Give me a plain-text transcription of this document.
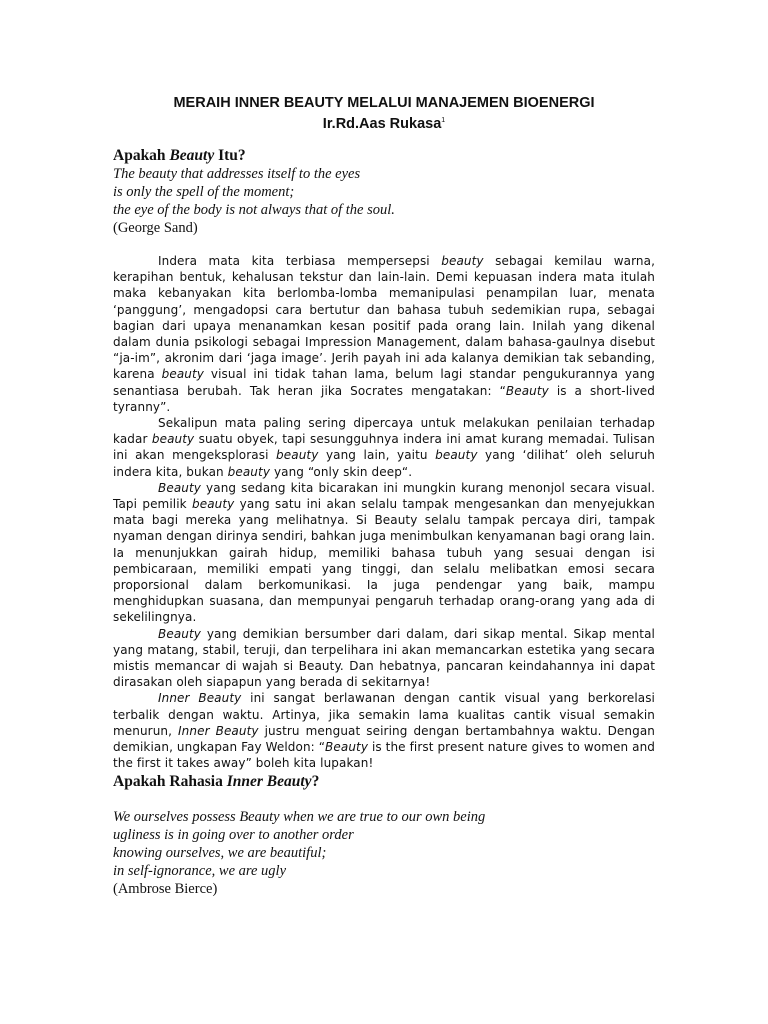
MERAIH INNER BEAUTY MELALUI MANAJEMEN BIOENERGI
Ir.Rd.Aas Rukasa$^1$
Apakah Beauty Itu?
The beauty that addresses itself to the eyes
is only the spell of the moment;
the eye of the body is not always that of the soul.
(George Sand)

Indera mata kita terbiasa mempersepsi beauty sebagai kemilau warna, kerapihan bentuk, kehalusan tekstur dan lain-lain. Demi kepuasan indera mata itulah maka kebanyakan kita berlomba-lomba memanipulasi penampilan luar, menata ‘panggung’, mengadopsi cara bertutur dan bahasa tubuh sedemikian rupa, sebagai bagian dari upaya menanamkan kesan positif pada orang lain. Inilah yang dikenal dalam dunia psikologi sebagai Impression Management, dalam bahasa-gaulnya disebut “ja-im”, akronim dari ‘jaga image’. Jerih payah ini ada kalanya demikian tak sebanding, karena beauty visual ini tidak tahan lama, belum lagi standar pengukurannya yang senantiasa berubah. Tak heran jika Socrates mengatakan: “Beauty is a short-lived tyranny”.

Sekalipun mata paling sering dipercaya untuk melakukan penilaian terhadap kadar beauty suatu obyek, tapi sesungguhnya indera ini amat kurang memadai. Tulisan ini akan mengeksplorasi beauty yang lain, yaitu beauty yang ‘dilihat’ oleh seluruh indera kita, bukan beauty yang “only skin deep“.

Beauty yang sedang kita bicarakan ini mungkin kurang menonjol secara visual. Tapi pemilik beauty yang satu ini akan selalu tampak mengesankan dan menyejukkan mata bagi mereka yang melihatnya. Si Beauty selalu tampak percaya diri, tampak nyaman dengan dirinya sendiri, bahkan juga menimbulkan kenyamanan bagi orang lain. Ia menunjukkan gairah hidup, memiliki bahasa tubuh yang sesuai dengan isi pembicaraan, memiliki empati yang tinggi, dan selalu melibatkan emosi secara proporsional dalam berkomunikasi. Ia juga pendengar yang baik, mampu menghidupkan suasana, dan mempunyai pengaruh terhadap orang-orang yang ada di sekelilingnya.

Beauty yang demikian bersumber dari dalam, dari sikap mental. Sikap mental yang matang, stabil, teruji, dan terpelihara ini akan memancarkan estetika yang secara mistis memancar di wajah si Beauty. Dan hebatnya, pancaran keindahannya ini dapat dirasakan oleh siapapun yang berada di sekitarnya!

Inner Beauty ini sangat berlawanan dengan cantik visual yang berkorelasi terbalik dengan waktu. Artinya, jika semakin lama kualitas cantik visual semakin menurun, Inner Beauty justru menguat seiring dengan bertambahnya waktu. Dengan demikian, ungkapan Fay Weldon: “Beauty is the first present nature gives to women and the first it takes away” boleh kita lupakan!

Apakah Rahasia Inner Beauty?
We ourselves possess Beauty when we are true to our own being
ugliness is in going over to another order
knowing ourselves, we are beautiful;
in self-ignorance, we are ugly
(Ambrose Bierce)
